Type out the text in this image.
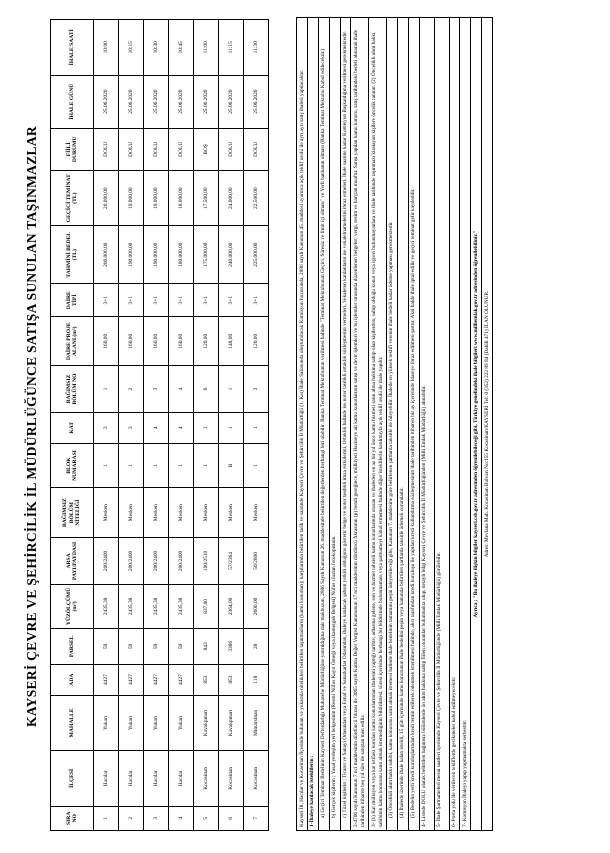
KAYSERİ ÇEVRE VE ŞEHİRCİLİK İL MÜDÜRLÜĞÜNCE SATIŞA SUNULAN TAŞINMAZLAR
SIRA NO	İLÇESİ	MAHALLE	ADA	PARSEL	YÜZÖLÇÜMÜ (m²)	ARSA PAYI/PAYDASI	BAĞIMSIZ BÖLÜM NİTELİĞİ	BLOK NUMARASI	KAT	BAĞIMSIZ BÖLÜM NO	DAİRE PROJE ALANI (m²)	DAİRE TİPİ	TAHMİNİ BEDEL (TL)	GEÇİCİ TEMİNAT (TL)	FİİLİ DURUMU	İHALE GÜNÜ	İHALE SAATİ
1	Hacılar	Yukarı	4427	59	2435,38	200/2400	Mesken	1	3	1	160,00	3+1	200.000,00	20.000,00	DOLU	25.06.2020	10:00
2	Hacılar	Yukarı	4427	59	2435,38	200/2400	Mesken	1	3	2	160,00	3+1	190.000,00	19.000,00	DOLU	25.06.2020	10:15
3	Hacılar	Yukarı	4427	59	2435,38	200/2400	Mesken	1	4	3	160,00	3+1	190.000,00	19.000,00	DOLU	25.06.2020	10:30
4	Hacılar	Yukarı	4427	59	2435,38	200/2400	Mesken	1	4	4	160,00	3+1	180.000,00	18.000,00	DOLU	25.06.2020	10:45
5	Kocasinan	Kavakpınarı	853	843	837,00	100/2510	Mesken	1	1	6	120,00	3+1	175.000,00	17.500,00	BOŞ	25.06.2020	11:00
6	Kocasinan	Kavakpınarı	853	3366	2364,00	57/2364	Mesken	B	1	1	148,00	3+1	240.000,00	24.000,00	DOLU	25.06.2020	11:15
7	Kocasinan	Mimarsinan	118	28	2600,00	50/2600	Mesken	1	1	3	120,00	3+1	225.000,00	22.500,00	DOLU	25.06.2020	11:30

Kayseri İli, Hacılar ve Kocasinan İlçesinde bulunan ve yukarıda nitelikleri belirtilen taşınmazların (kamu konutları); karşılarında belirtilen tarih ve saatinde Kayseri Çevre ve Şehircilik İl Müdürlüğü (1. Kat) İhale Salonunda oluşturulacak Komisyon huzurunda, 2886 sayılı Kanunun 45. maddesi uyarınca açık teklif usulü ile ayrı ayrı satış ihalesi yapılacaktır. 1-İhaleye katılacak isteklilerin : a) Geçici Teminat Bedelinin Kayseri Defterdarlığı Muhasebe Müdürlüğüne yatırıldığına dair makbuzun, 2886 Sayılı Kanunun 26. maddesinde belirtilen değerlerden herhangi biri olabilir. Banka Teminat Mektubunun verilmesi halinde "Teminat Mektubunun Geçici, Süresiz ve limit içi olması" ve Yerli bankanın olması (Banka Teminat Mektubu Kabul edilecektir.) b) Gerçek kişilerin ; Yasal yerleşim yeri belgesinin (Resmi Nüfus Kayıt Örneği veya ikametgah Belgesi) Nüfus cüzdan fotokopisinin. c) Tüzel kişilerin ; Ticaret ve Sanayi Odasından veya Esnaf ve Sanatkarlar Odasından, ihaleye katılacak şahsın yetkili olduğunu gösterir belge ve noter tasdikli imza sirkülerini, Ortaklık halinde ise noter tasdikli ortaklık sözleşmesini vermeleri, Vekaleten katılanların ise vekaletnamelerini ibraz etmeleri. İhale saatine kadar Komisyon Başkanlığına verilmesi gerekmektedir. 2-4706 sayılı Kanunun 7 nci maddesinin dördüncü fıkrası ile 3065 sayılı Katma Değer Vergisi Kanununun 17 nci maddesinin dördüncü fıkrasının (p) bendi gereğince, mülkiyeti Hazineye ait kamu konutlarının satışı ve devir işlemleri ve bu işlemler sırasında düzenlenen belgeler; vergi, resim ve harçtan muaftır. Satışı yapılan kamu konutu, satış tarihindeki bedeli alınarak ihale tarihinden itibaren beş yıl süre ile satıştan men edilir. 3- (1) Kat mülkiyeti veya kat irtifakı kurulan kamu konutlarından ihalesini yaptığı tarihte; adlarına gelene, son ve hizmet tahsisli kamu konutlarında oturan ve ihaleden en az bir yıl önce kamu hizmeti satın alma hakkına sahip olan kişilerden, sahip olduğu konut veya işyeri bulunmayanlara ve ihale tarihinde taşınmazı kiralayan kişilere öncelik tanınır. (2) Öncelikli alım hakkı sahibinin kamu konutunu satın almak istemediğinin bildirilmesi, süresi içerisinde herhangi bir bildirimde bulunmaması veya şartnameyi kabul etmemesi halinde diğer isteklilerin katılımıyla açık teklif usulü ile ihale yapılır. (3) Öncelikli alım hakkı sahibi, kamu konutunu satın almak istemesi halinde ihale bedelinin tamamını peşin ödeyebileceği gibi, Kanunun 7. maddesine göre belirlenen şartlarda taksitle de ödeyebilir. İhalede en yüksek teklifi verenin ihale bedeli kadar ödeme yapması gerekmektedir. (4) İhalede üzerinde ihale kalan istekli, 15 gün içerisinde kamu konutunun ihale bedelini peşin veya kanunda belirtilen şartlarda taksitle ödemek zorundadır. (5) Bedelin yerli kredi kuruluşlarından kredi temin edilerek ödenmek istenilmesi halinde, alıcı tarafından kredi kuruluşu ile yapılan kredi kullandırma sözleşmesinin ihale tarihinden itibaren bir ay içerisinde İdareye ibraz edilmesi şarttır. Aksi halde ihale iptal edilir ve geçici teminat gelir kaydedilir. 4- Listede DOLU olarak belirtilen bağımsız bölümlerde ön alım hakkına sahip fiilen oturanlar bulunmakta olup, detaylı bilgi Kayseri Çevre ve Şehircilik İl Müdürlüğünden (Milli Emlak Müdürlüğü) alınabilir.	5- İhale Şartnameleri mesai saatleri içerisinde Kayseri Çevre ve Şehircilik İl Müdürlüğünde (Milli Emlak Müdürlüğü) görülebilir.	6- Posta yolu ile verilecek tekliflerde gecikmeler kabul edilmeyecektir. 7- Komisyon İhaleyi yapıp yapmamakta serbesttir.

Ayrıca ; "Bu ihaleye ilişkin bilgiler kayseri.csb.gov.tr adresinden öğrenilebileceği gibi, Türkiye genelindeki ihale bilgileri www.milliemlak.gov.tr adresinden öğrenilebilinir." Adres: Mevlana Mah. Kocasinan Bulvarı No:155 Kocasinan/KAYSERİ Tel: 0 (352) 222 89 84 (Dahili 471) İLAN OLUNUR.
